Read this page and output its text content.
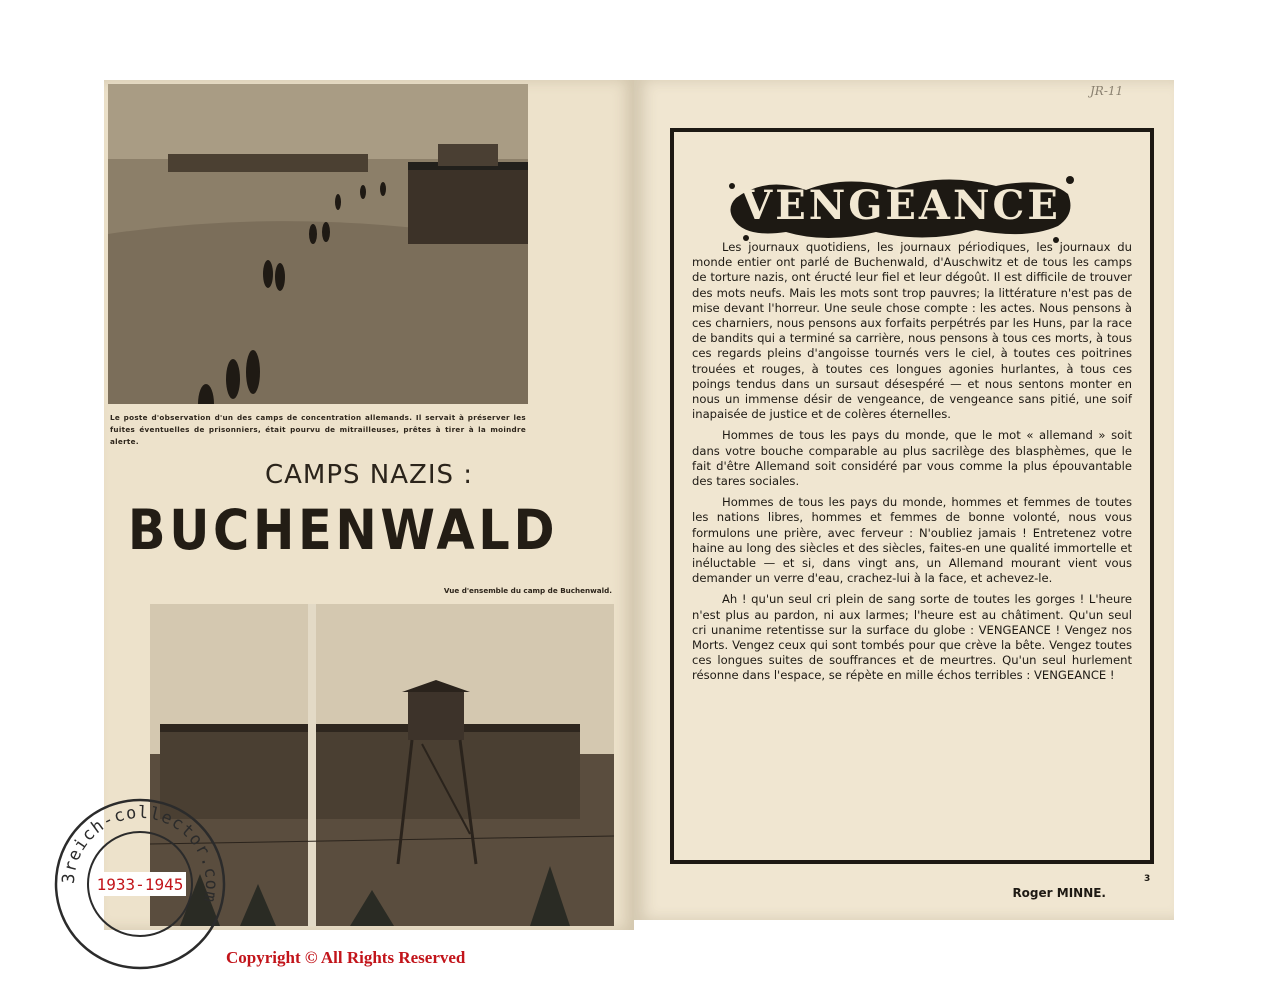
Le poste d'observation d'un des camps de concentration allemands. Il servait à préserver les fuites éventuelles de prisonniers, était pourvu de mitrailleuses, prêtes à tirer à la moindre alerte.
CAMPS NAZIS :
BUCHENWALD
Vue d'ensemble du camp de Buchenwald.
JR-11
VENGEANCE !

Les journaux quotidiens, les journaux périodiques, les journaux du monde entier ont parlé de Buchenwald, d'Auschwitz et de tous les camps de torture nazis, ont éructé leur fiel et leur dégoût. Il est difficile de trouver des mots neufs. Mais les mots sont trop pauvres; la littérature n'est pas de mise devant l'horreur. Une seule chose compte : les actes. Nous pensons à ces charniers, nous pensons aux forfaits perpétrés par les Huns, par la race de bandits qui a terminé sa carrière, nous pensons à tous ces morts, à tous ces regards pleins d'angoisse tournés vers le ciel, à toutes ces poitrines trouées et rouges, à toutes ces longues agonies hurlantes, à tous ces poings tendus dans un sursaut désespéré — et nous sentons monter en nous un immense désir de vengeance, de vengeance sans pitié, une soif inapaisée de justice et de colères éternelles.

Hommes de tous les pays du monde, que le mot « allemand » soit dans votre bouche comparable au plus sacrilège des blasphèmes, que le fait d'être Allemand soit considéré par vous comme la plus épouvantable des tares sociales.

Hommes de tous les pays du monde, hommes et femmes de toutes les nations libres, hommes et femmes de bonne volonté, nous vous formulons une prière, avec ferveur : N'oubliez jamais ! Entretenez votre haine au long des siècles et des siècles, faites-en une qualité immortelle et inéluctable — et si, dans vingt ans, un Allemand mourant vient vous demander un verre d'eau, crachez-lui à la face, et achevez-le.

Ah ! qu'un seul cri plein de sang sorte de toutes les gorges ! L'heure n'est plus au pardon, ni aux larmes; l'heure est au châtiment. Qu'un seul cri unanime retentisse sur la surface du globe : VENGEANCE ! Vengez nos Morts. Vengez ceux qui sont tombés pour que crève la bête. Vengez toutes ces longues suites de souffrances et de meurtres. Qu'un seul hurlement résonne dans l'espace, se répète en mille échos terribles : VENGEANCE !

Roger MINNE.
3
3reich-collector.com
1933-1945
Copyright © All Rights Reserved
